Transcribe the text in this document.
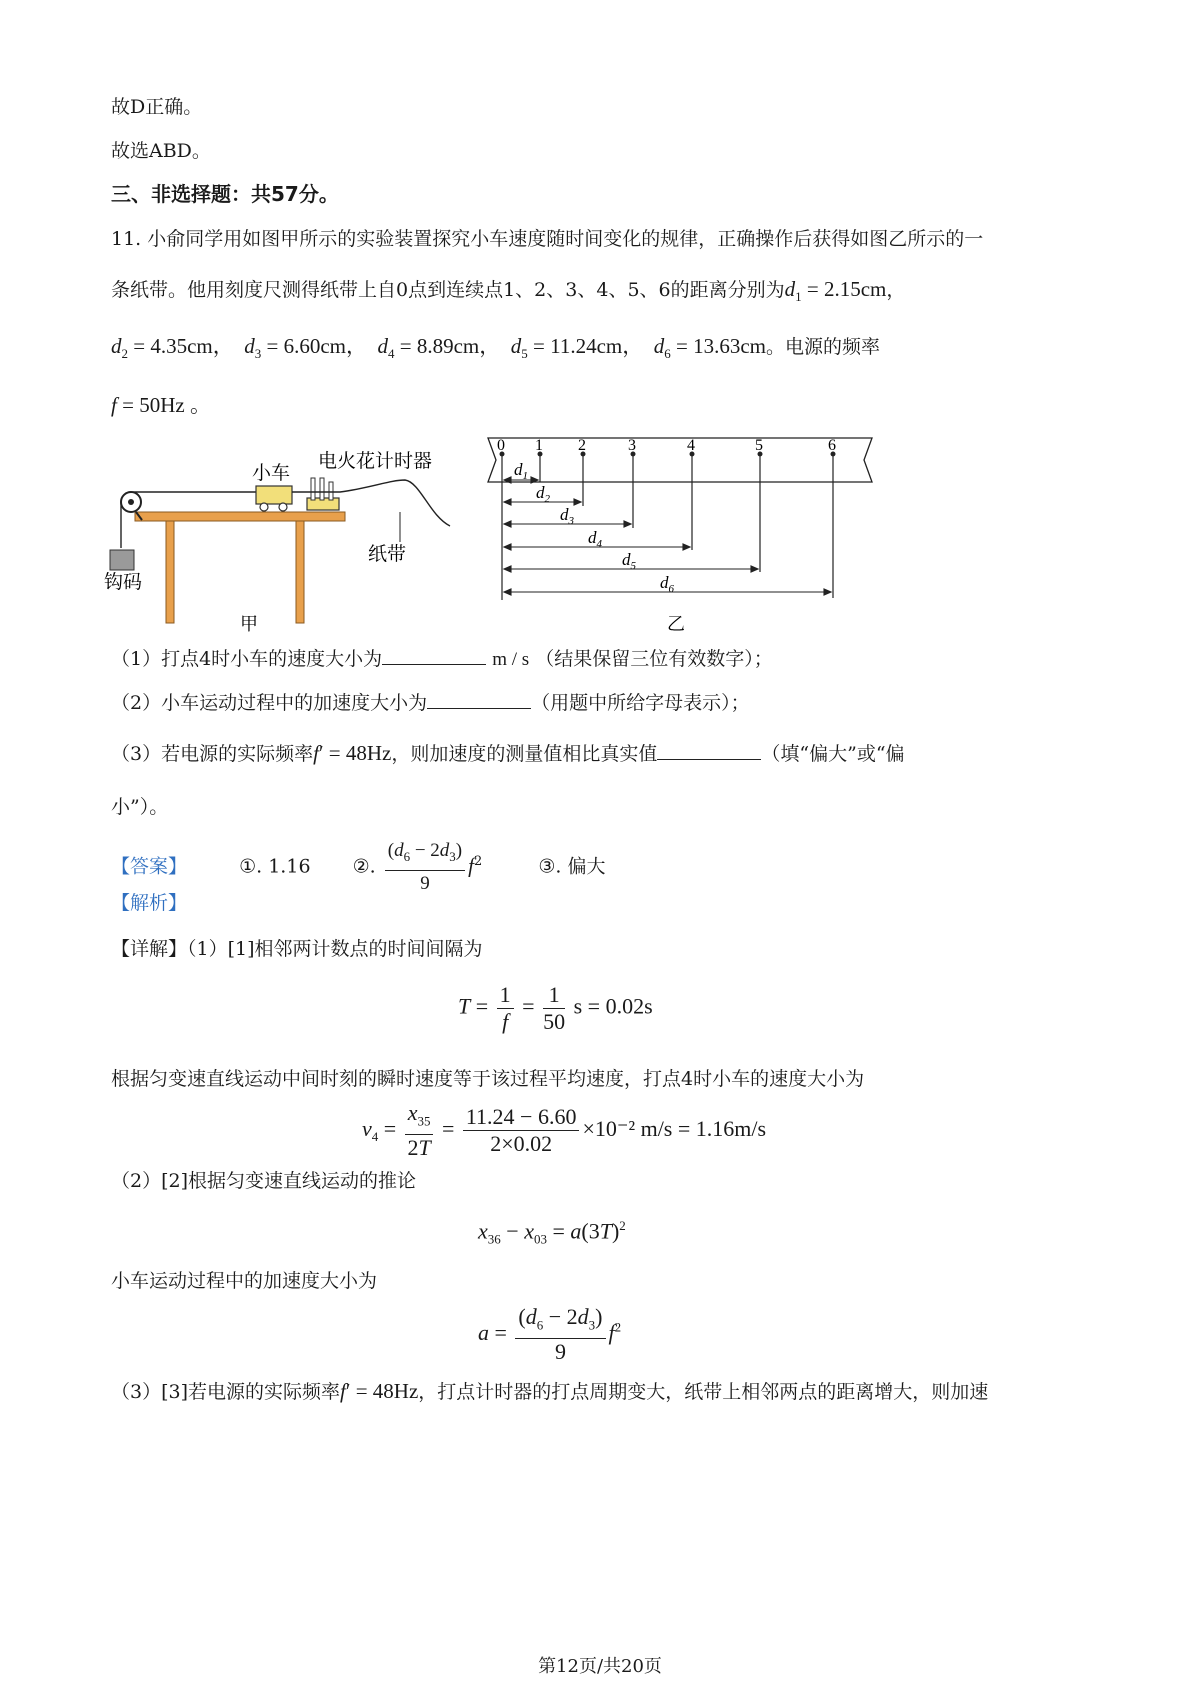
故D正确。
故选ABD。
三、非选择题：共57分。
11. 小俞同学用如图甲所示的实验装置探究小车速度随时间变化的规律，正确操作后获得如图乙所示的一
条纸带。他用刻度尺测得纸带上自0点到连续点1、2、3、4、5、6的距离分别为$d_1 = 2.15cm$，
$d_2 = 4.35cm$，  $d_3 = 6.60cm$，  $d_4 = 8.89cm$，  $d_5 = 11.24cm$，  $d_6 = 13.63cm$。电源的频率
f = 50Hz 。
小车
电火花计时器
纸带
钩码
甲
0 1 2	3	4	5	6
$d_1$
$d_2$
$d_3$
$d_4$
$d_5$
$d_6$
乙
（1）打点4时小车的速度大小为	m / s （结果保留三位有效数字）；
（2）小车运动过程中的加速度大小为	（用题中所给字母表示）；
（3）若电源的实际频率f′ = 48Hz，则加速度的测量值相比真实值	（填“偏大”或“偏
小”）。
【答案】	①. 1.16 ②. $\frac{(d_6 - 2d_3)}{9} f^2$	③. 偏大
【解析】
【详解】（1）[1]相邻两计数点的时间间隔为
$T = \frac{1}{f} = \frac{1}{50}$ s = 0.02s
根据匀变速直线运动中间时刻的瞬时速度等于该过程平均速度，打点4时小车的速度大小为
$v_4 = \frac{x_{35}}{2T} = \frac{11.24 - 6.60}{2\times 0.02} \times 10^{-2}$ m/s = 1.16m/s
（2）[2]根据匀变速直线运动的推论
$x_{36} - x_{03} = a(3T)^2$
小车运动过程中的加速度大小为
$a = \frac{(d_6 - 2d_3)}{9} f^2$
（3）[3]若电源的实际频率f′ = 48Hz，打点计时器的打点周期变大，纸带上相邻两点的距离增大，则加速
第12页/共20页
